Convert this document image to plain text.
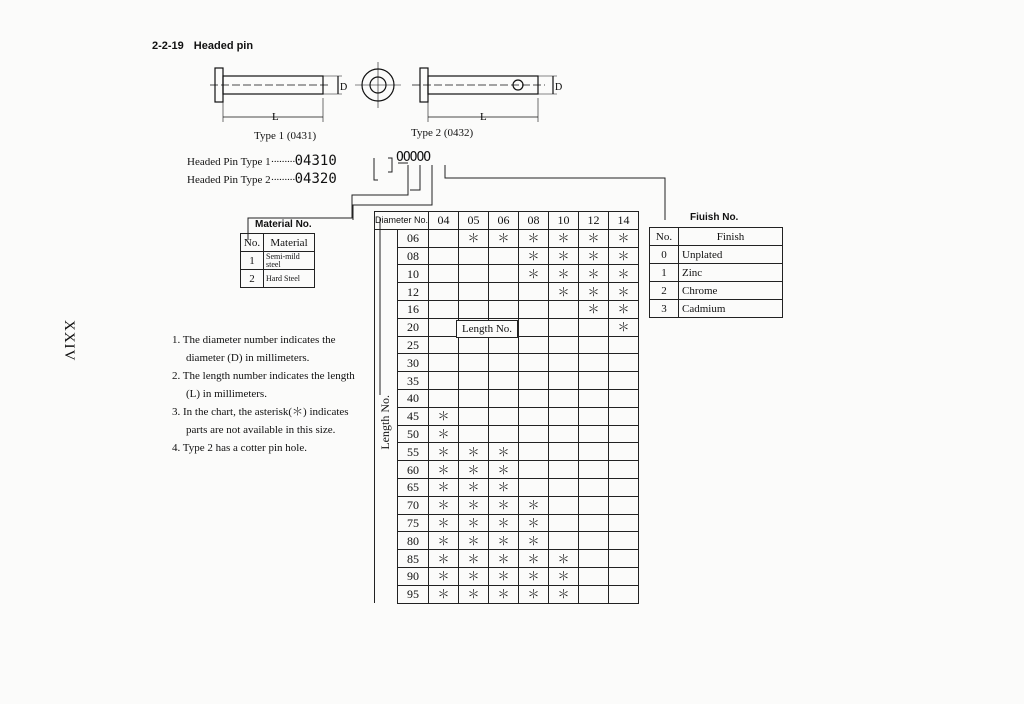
2-2-19 Headed pin
D
L
D
L
Type 1 (0431)	Type 2 (0432)
Headed Pin Type 1·········04310
Headed Pin Type 2·········04320
OOOOO
Material No.
No.	Material
1	Semi-mild steel
2	Hard Steel
1. The diameter number indicates the diameter (D) in millimeters.
2. The length number indicates the length (L) in millimeters.
3. In the chart, the asterisk(＊) indicates parts are not available in this size.
4. Type 2 has a cotter pin hole.
Diameter No.		04	05	06	08	10	12	14
	06		＊	＊	＊	＊	＊	＊
	08				＊	＊	＊	＊
	10				＊	＊	＊	＊
	12					＊	＊	＊
	16						＊	＊
	20							＊
	25							
	30							
	35							
	40							
	45	＊						
	50	＊						
	55	＊	＊	＊				
	60	＊	＊	＊				
	65	＊	＊	＊				
	70	＊	＊	＊	＊			
	75	＊	＊	＊	＊			
	80	＊	＊	＊	＊			
	85	＊	＊	＊	＊	＊		
	90	＊	＊	＊	＊	＊		
	95	＊	＊	＊	＊	＊		
Length No.
Length No.
Fiuish No.
No.	Finish
0	Unplated
1	Zinc
2	Chrome
3	Cadmium
XXIV
